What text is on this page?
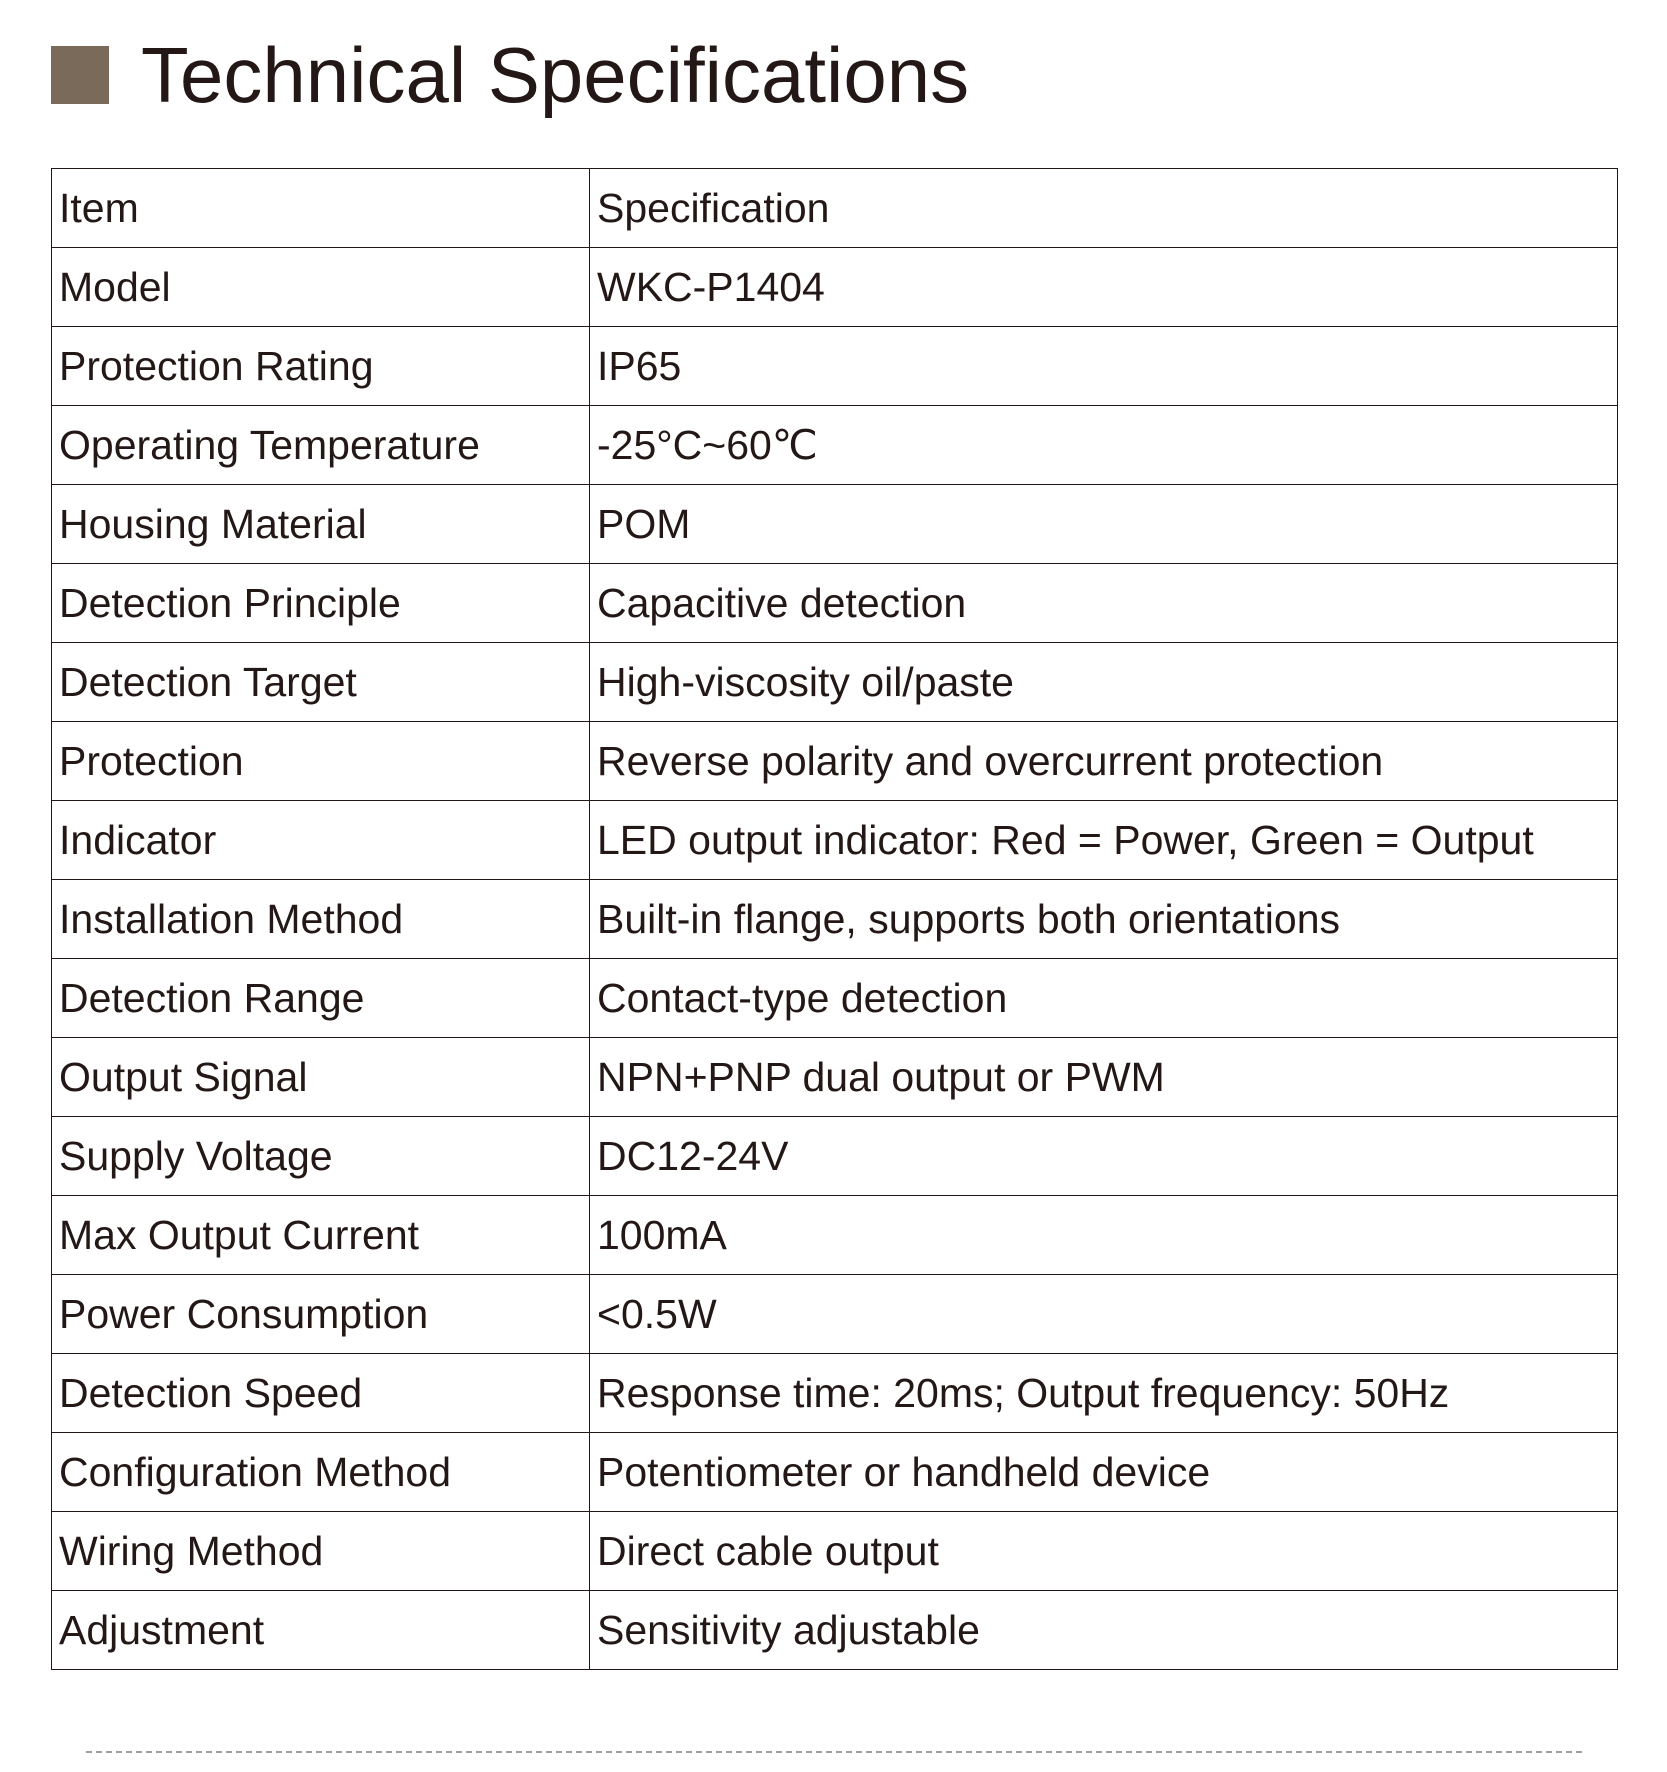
Technical Specifications
Item	Specification
Model	WKC-P1404
Protection Rating	IP65
Operating Temperature	-25°C~60℃
Housing Material	POM
Detection Principle	Capacitive detection
Detection Target	High-viscosity oil/paste
Protection	Reverse polarity and overcurrent protection
Indicator	LED output indicator: Red = Power, Green = Output
Installation Method	Built-in flange, supports both orientations
Detection Range	Contact-type detection
Output Signal	NPN+PNP dual output or PWM
Supply Voltage	DC12-24V
Max Output Current	100mA
Power Consumption	<0.5W
Detection Speed	Response time: 20ms; Output frequency: 50Hz
Configuration Method	Potentiometer or handheld device
Wiring Method	Direct cable output
Adjustment	Sensitivity adjustable
